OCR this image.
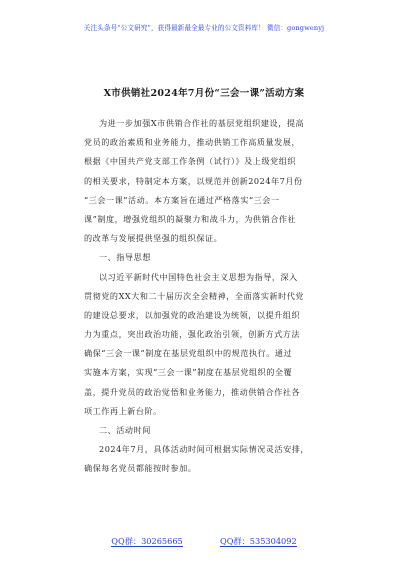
关注头条号“公文研究”，获得最新最全最专业的公文资料库！ 微信：gongwenyj
X市供销社2024年7月份“三会一课”活动方案
为进一步加强X市供销合作社的基层党组织建设，提高
党员的政治素质和业务能力，推动供销工作高质量发展，
根据《中国共产党支部工作条例（试行）》及上级党组织
的相关要求，特制定本方案，以规范并创新2024年7月份
“三会一课”活动。本方案旨在通过严格落实“三会一
课”制度，增强党组织的凝聚力和战斗力，为供销合作社
的改革与发展提供坚强的组织保证。
一、指导思想
以习近平新时代中国特色社会主义思想为指导，深入
贯彻党的XX大和二十届历次全会精神，全面落实新时代党
的建设总要求，以加强党的政治建设为统领，以提升组织
力为重点，突出政治功能，强化政治引领，创新方式方法
确保“三会一课”制度在基层党组织中的规范执行。通过
实施本方案，实现“三会一课”制度在基层党组织的全覆
盖，提升党员的政治觉悟和业务能力，推动供销合作社各
项工作再上新台阶。
二、活动时间
2024年7月，具体活动时间可根据实际情况灵活安排，
确保每名党员都能按时参加。
QQ群：30265665	QQ群：535304092
